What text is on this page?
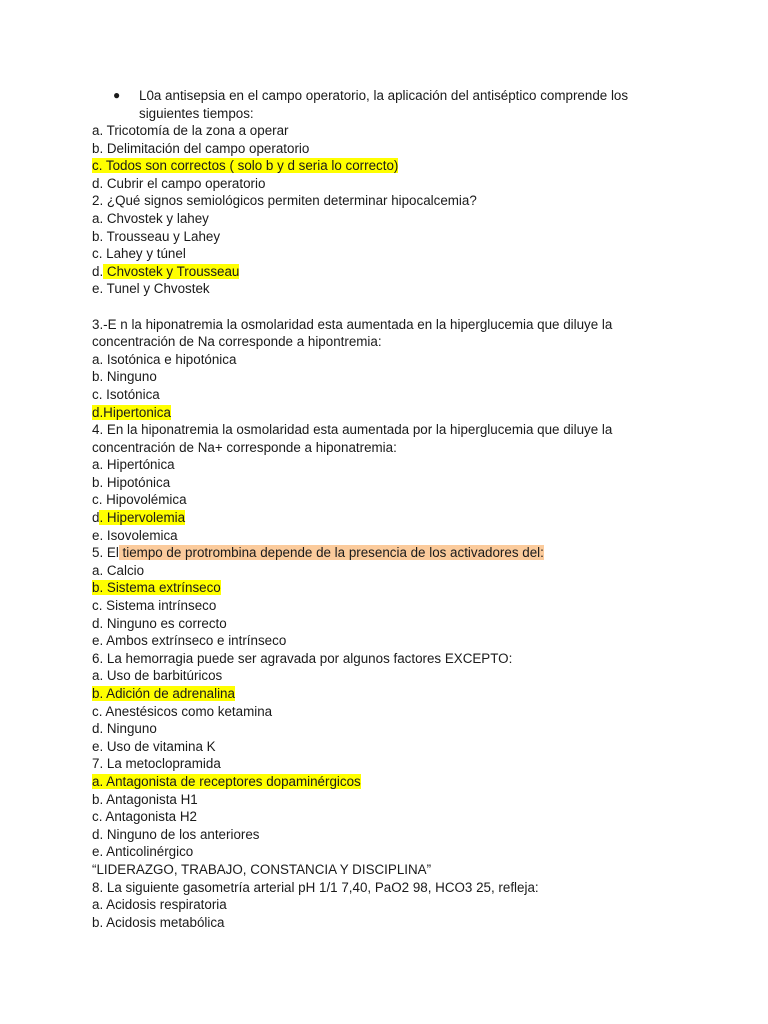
● L0a antisepsia en el campo operatorio, la aplicación del antiséptico comprende los siguientes tiempos:
a. Tricotomía de la zona a operar
b. Delimitación del campo operatorio
c. Todos son correctos ( solo b y d seria lo correcto)
d. Cubrir el campo operatorio
2. ¿Qué signos semiológicos permiten determinar hipocalcemia?
a. Chvostek y lahey
b. Trousseau y Lahey
c. Lahey y túnel
d. Chvostek y Trousseau
e. Tunel y Chvostek
3.-E n la hiponatremia la osmolaridad esta aumentada en la hiperglucemia que diluye la
concentración de Na corresponde a hipontremia:
a. Isotónica e hipotónica
b. Ninguno
c. Isotónica
d.Hipertonica
4. En la hiponatremia la osmolaridad esta aumentada por la hiperglucemia que diluye la
concentración de Na+ corresponde a hiponatremia:
a. Hipertónica
b. Hipotónica
c. Hipovolémica
d. Hipervolemia
e. Isovolemica
5. El tiempo de protrombina depende de la presencia de los activadores del:
a. Calcio
b. Sistema extrínseco
c. Sistema intrínseco
d. Ninguno es correcto
e. Ambos extrínseco e intrínseco
6. La hemorragia puede ser agravada por algunos factores EXCEPTO:
a. Uso de barbitúricos
b. Adición de adrenalina
c. Anestésicos como ketamina
d. Ninguno
e. Uso de vitamina K
7. La metoclopramida
a. Antagonista de receptores dopaminérgicos
b. Antagonista H1
c. Antagonista H2
d. Ninguno de los anteriores
e. Anticolinérgico
“LIDERAZGO, TRABAJO, CONSTANCIA Y DISCIPLINA”
8. La siguiente gasometría arterial pH 1/1 7,40, PaO2 98, HCO3 25, refleja:
a. Acidosis respiratoria
b. Acidosis metabólica
